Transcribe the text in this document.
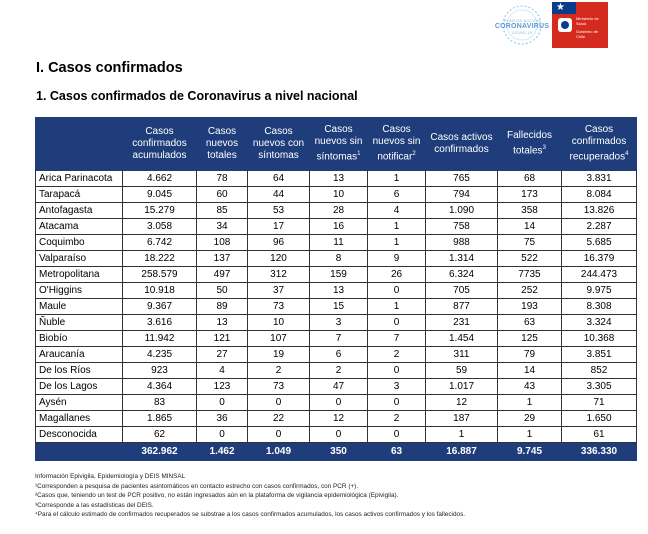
PLAN DE ACCIÓN
CORONAVIRUS
COVID-19
Ministerio de
Salud
Gobierno de Chile
★
I. Casos confirmados
1. Casos confirmados de Coronavirus a nivel nacional
	Casos confirmados acumulados	Casos nuevos totales	Casos nuevos con síntomas	Casos nuevos sin síntomas$^1$	Casos nuevos sin notificar$^2$	Casos activos confirmados	Fallecidos totales$^3$	Casos confirmados recuperados$^4$
Arica Parinacota	4.662	78	64	13	1	765	68	3.831
Tarapacá	9.045	60	44	10	6	794	173	8.084
Antofagasta	15.279	85	53	28	4	1.090	358	13.826
Atacama	3.058	34	17	16	1	758	14	2.287
Coquimbo	6.742	108	96	11	1	988	75	5.685
Valparaíso	18.222	137	120	8	9	1.314	522	16.379
Metropolitana	258.579	497	312	159	26	6.324	7735	244.473
O'Higgins	10.918	50	37	13	0	705	252	9.975
Maule	9.367	89	73	15	1	877	193	8.308
Ñuble	3.616	13	10	3	0	231	63	3.324
Biobío	11.942	121	107	7	7	1.454	125	10.368
Araucanía	4.235	27	19	6	2	311	79	3.851
De los Ríos	923	4	2	2	0	59	14	852
De los Lagos	4.364	123	73	47	3	1.017	43	3.305
Aysén	83	0	0	0	0	12	1	71
Magallanes	1.865	36	22	12	2	187	29	1.650
Desconocida	62	0	0	0	0	1	1	61
	362.962	1.462	1.049	350	63	16.887	9.745	336.330
Información Epivigila, Epidemiología y DEIS MINSAL
¹Corresponden a pesquisa de pacientes asintomáticos en contacto estrecho con casos confirmados, con PCR (+).
²Casos que, teniendo un test de PCR positivo, no están ingresados aún en la plataforma de vigilancia epidemiológica (Epivigila).
³Corresponde a las estadísticas del DEIS.
⁴Para el cálculo estimado de confirmados recuperados se substrae a los casos confirmados acumulados, los casos activos confirmados y los fallecidos.
